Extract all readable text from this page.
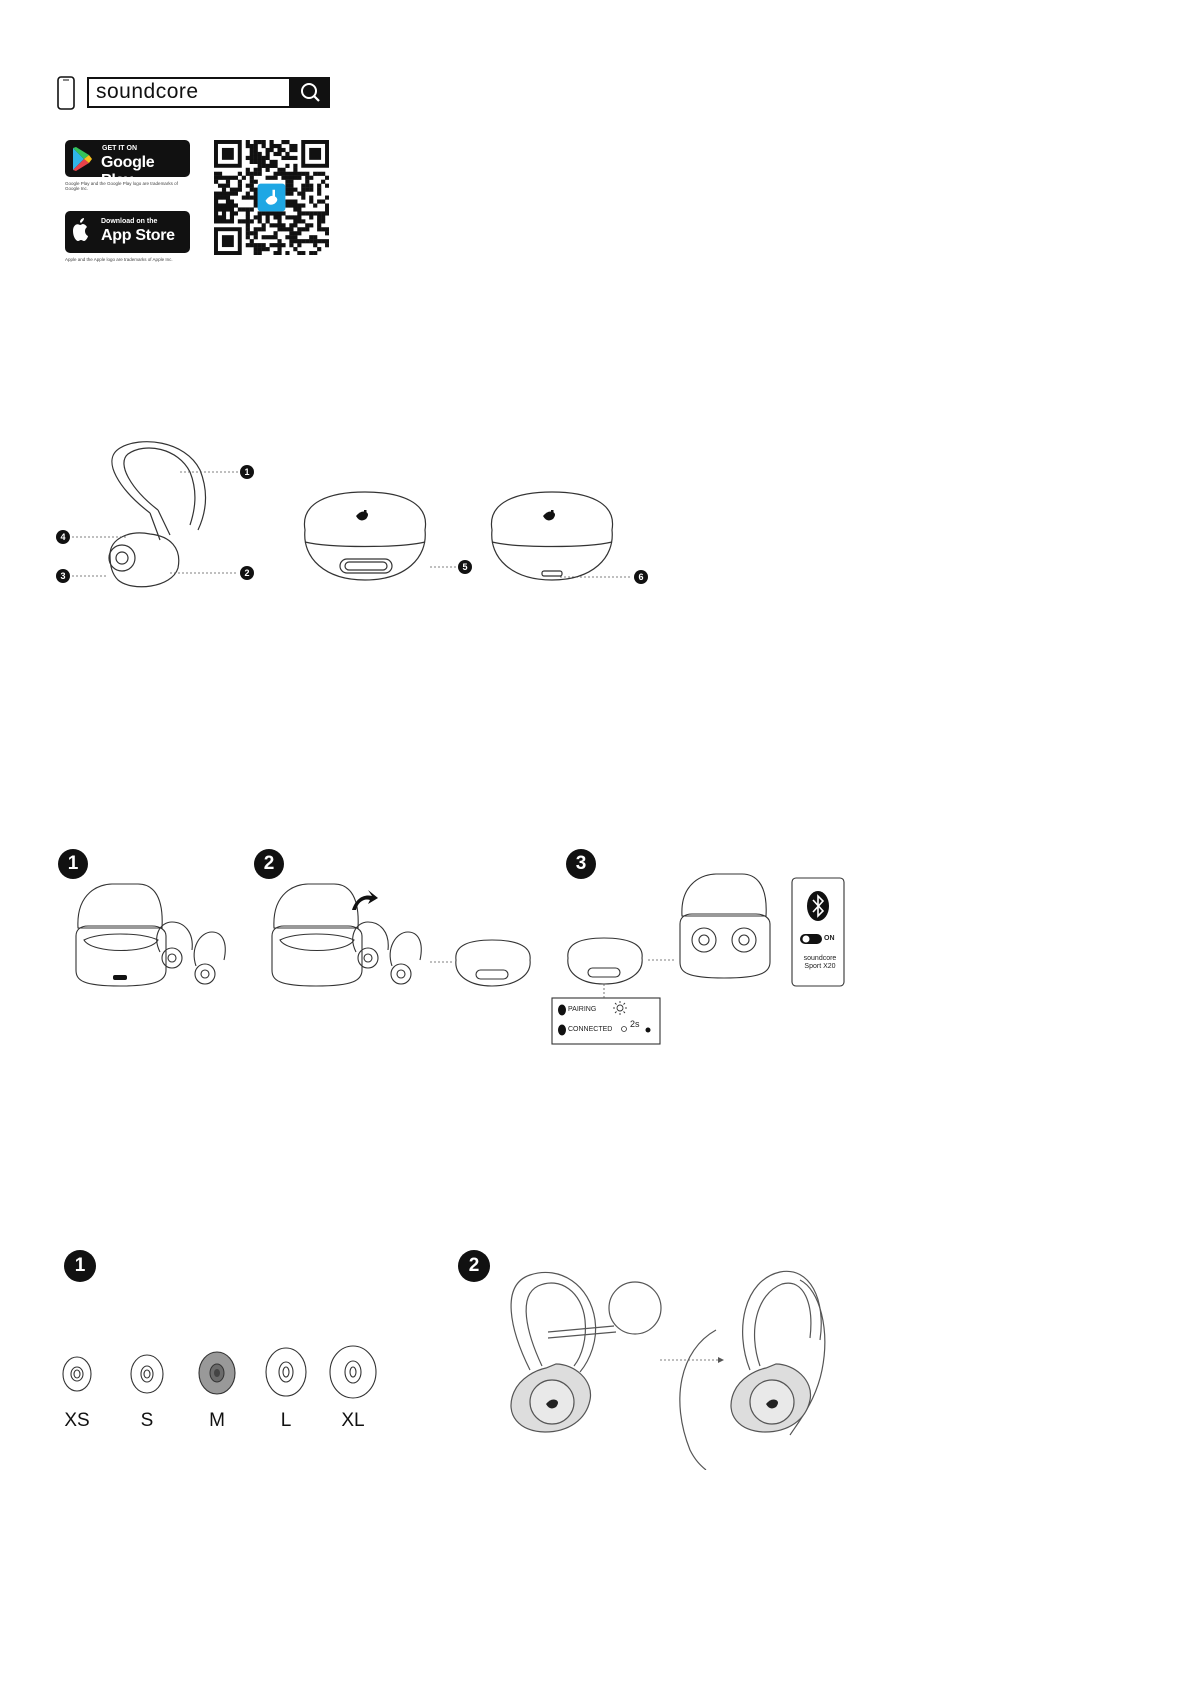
soundcore
GET IT ON
Google Play
Google Play and the Google Play logo are trademarks of Google Inc.
Download on the
App Store
Apple and the Apple logo are trademarks of Apple Inc.
1
2
3
4
5
6
1	2	3
PAIRING
CONNECTED
2s
ON
soundcore
Sport X20
1	2
XS	S	M	L	XL
